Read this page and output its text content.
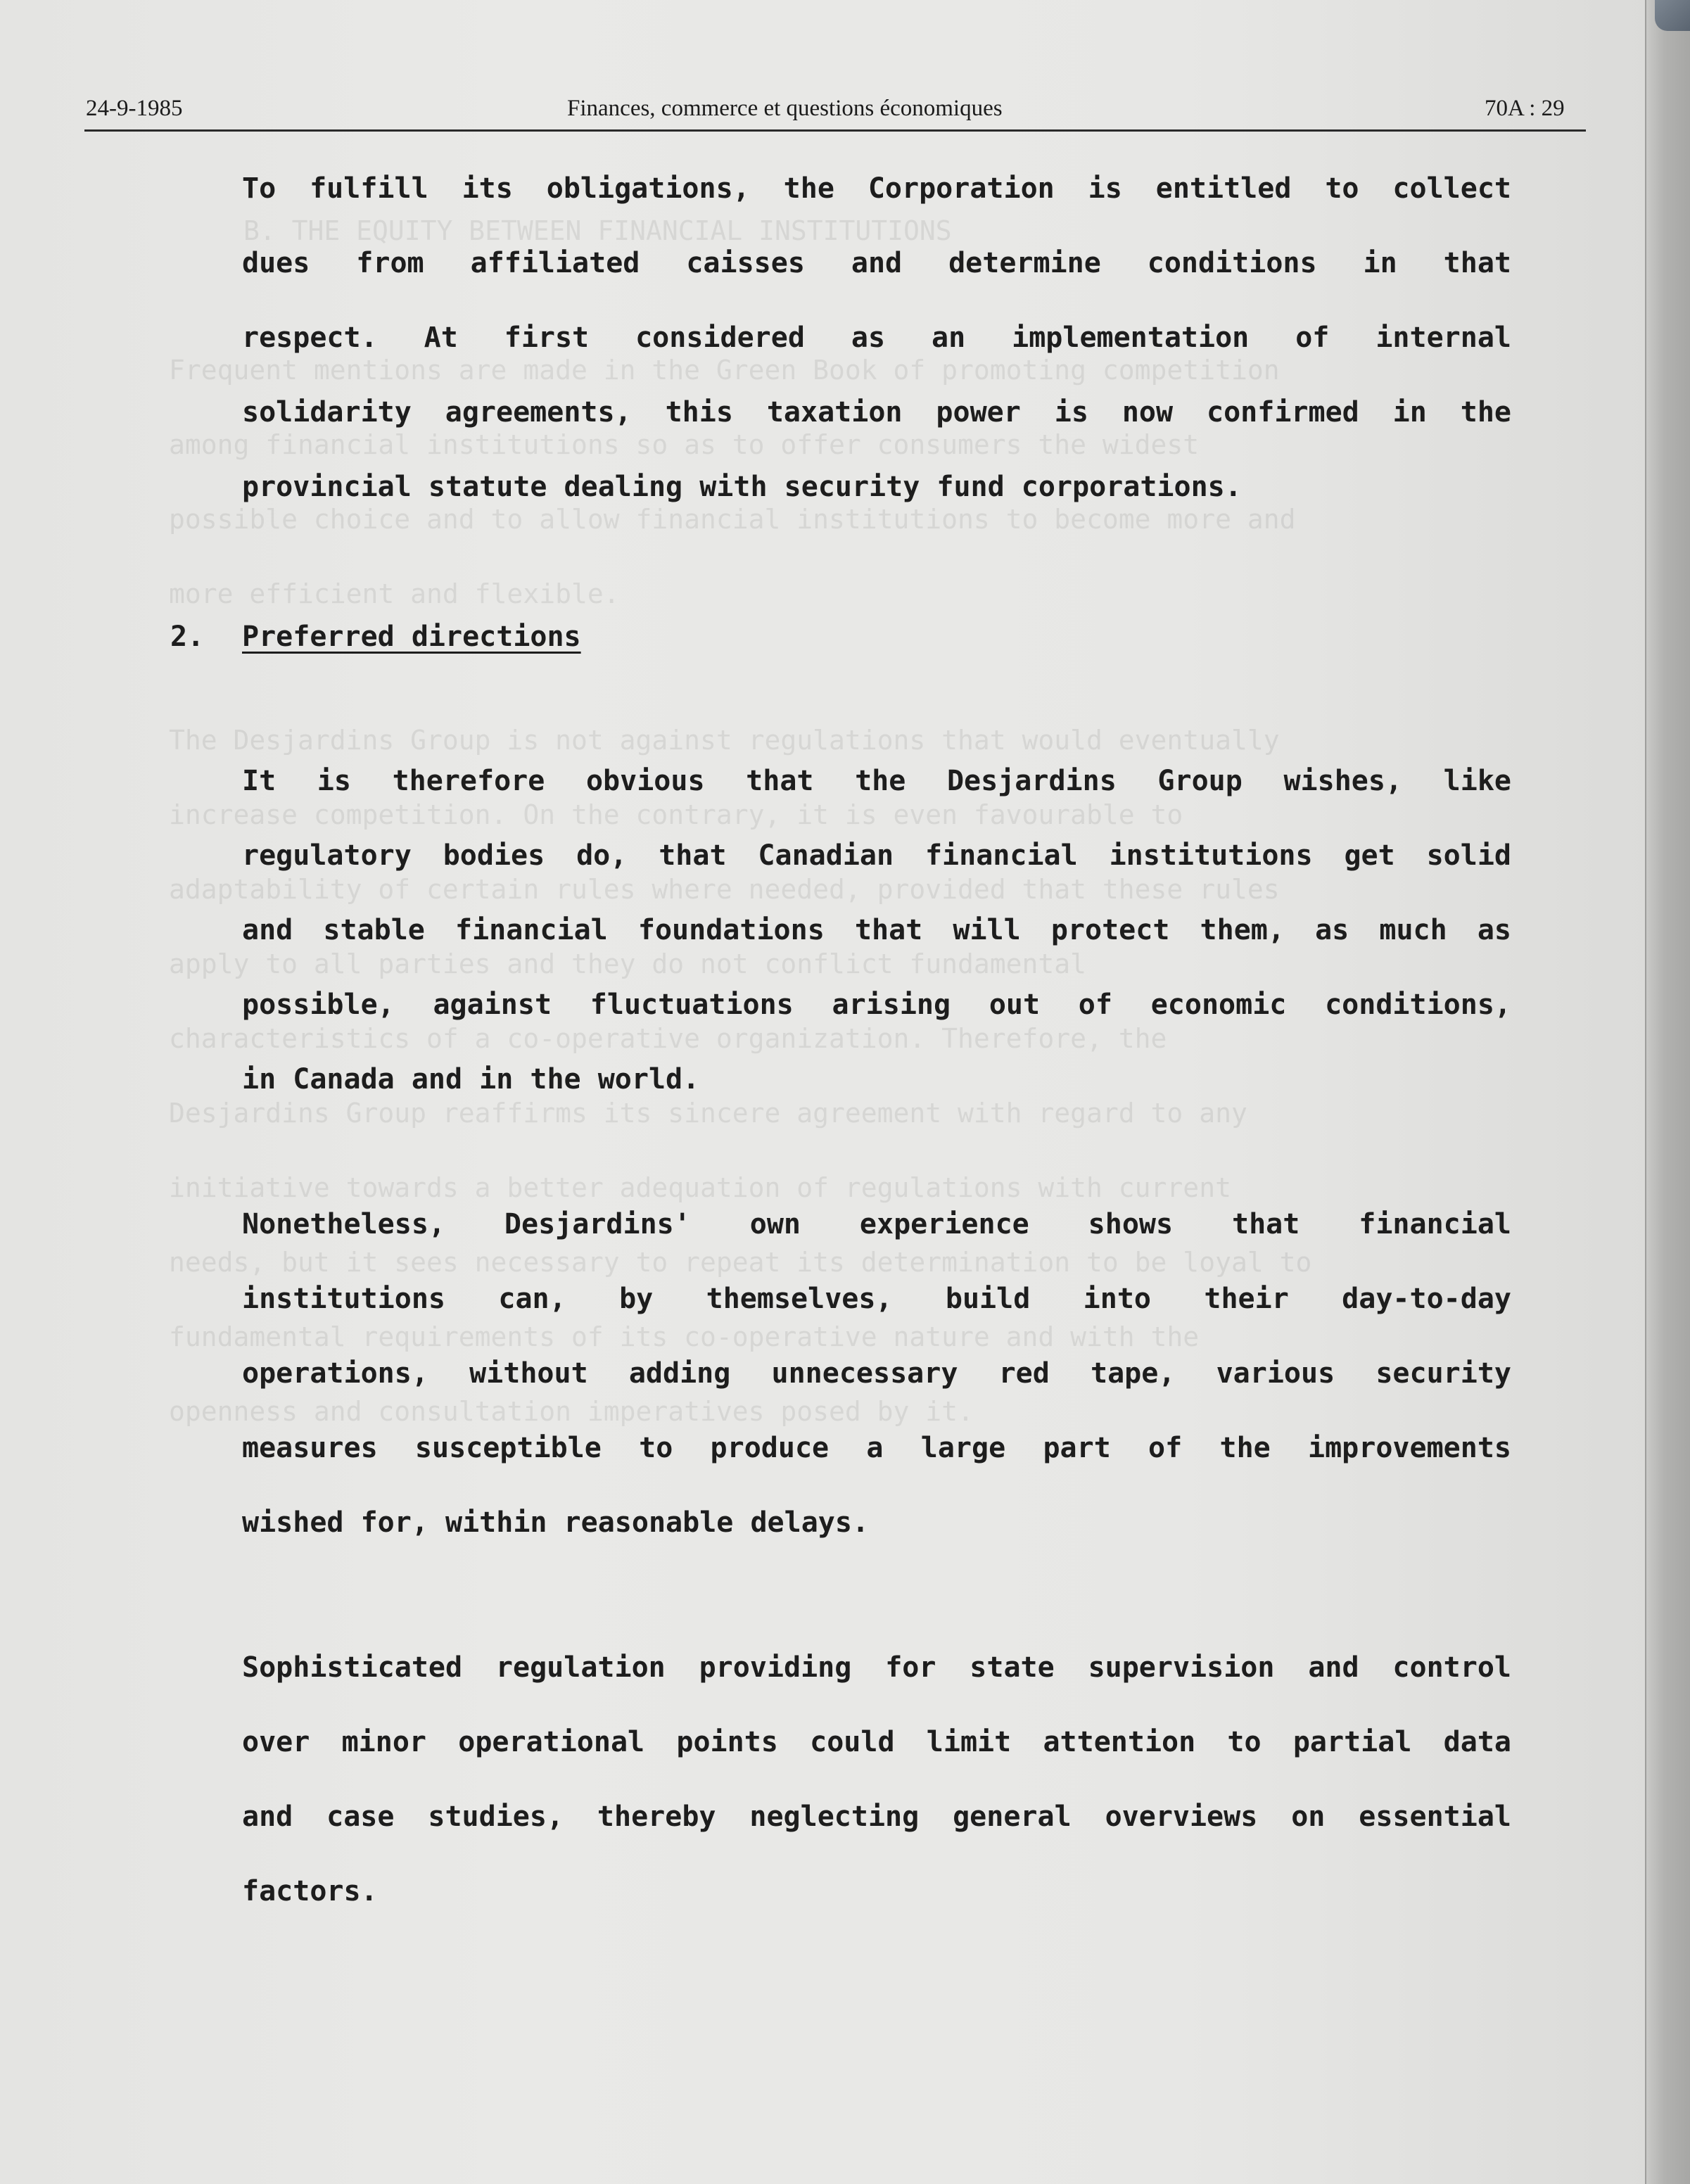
B. THE EQUITY BETWEEN FINANCIAL INSTITUTIONS
Frequent mentions are made in the Green Book of promoting competition
among financial institutions so as to offer consumers the widest
possible choice and to allow financial institutions to become more and
more efficient and flexible.
The Desjardins Group is not against regulations that would eventually
increase competition. On the contrary, it is even favourable to
adaptability of certain rules where needed, provided that these rules
apply to all parties and they do not conflict fundamental
characteristics of a co-operative organization. Therefore, the
Desjardins Group reaffirms its sincere agreement with regard to any
initiative towards a better adequation of regulations with current
needs, but it sees necessary to repeat its determination to be loyal to
fundamental requirements of its co-operative nature and with the
openness and consultation imperatives posed by it.
24-9-1985	Finances, commerce et questions économiques	70A : 29
To fulfill its obligations, the Corporation is entitled to collect
dues from affiliated caisses and determine conditions in that
respect. At first considered as an implementation of internal
solidarity agreements, this taxation power is now confirmed in the
provincial statute dealing with security fund corporations.
2. Preferred directions
It is therefore obvious that the Desjardins Group wishes, like
regulatory bodies do, that Canadian financial institutions get solid
and stable financial foundations that will protect them, as much as
possible, against fluctuations arising out of economic conditions,
in Canada and in the world.
Nonetheless, Desjardins' own experience shows that financial
institutions can, by themselves, build into their day-to-day
operations, without adding unnecessary red tape, various security
measures susceptible to produce a large part of the improvements
wished for, within reasonable delays.
Sophisticated regulation providing for state supervision and control
over minor operational points could limit attention to partial data
and case studies, thereby neglecting general overviews on essential
factors.
